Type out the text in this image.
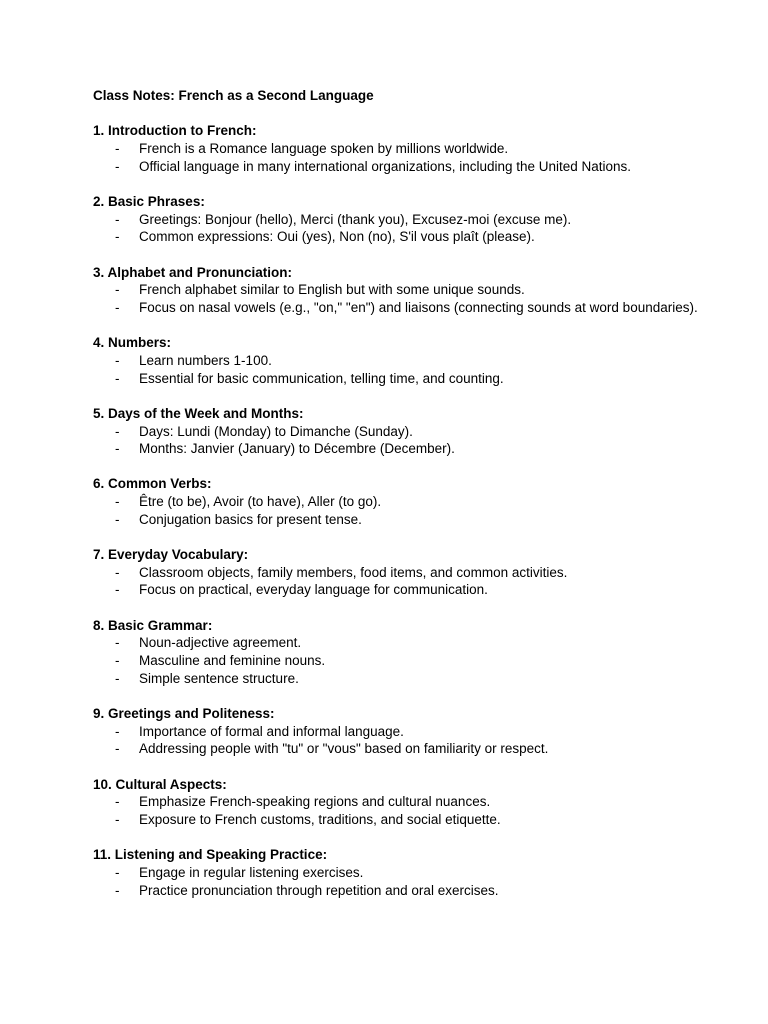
Class Notes: French as a Second Language
1. Introduction to French:
- French is a Romance language spoken by millions worldwide.
- Official language in many international organizations, including the United Nations.
2. Basic Phrases:
- Greetings: Bonjour (hello), Merci (thank you), Excusez-moi (excuse me).
- Common expressions: Oui (yes), Non (no), S'il vous plaît (please).
3. Alphabet and Pronunciation:
- French alphabet similar to English but with some unique sounds.
- Focus on nasal vowels (e.g., "on," "en") and liaisons (connecting sounds at word boundaries).
4. Numbers:
- Learn numbers 1-100.
- Essential for basic communication, telling time, and counting.
5. Days of the Week and Months:
- Days: Lundi (Monday) to Dimanche (Sunday).
- Months: Janvier (January) to Décembre (December).
6. Common Verbs:
- Être (to be), Avoir (to have), Aller (to go).
- Conjugation basics for present tense.
7. Everyday Vocabulary:
- Classroom objects, family members, food items, and common activities.
- Focus on practical, everyday language for communication.
8. Basic Grammar:
- Noun-adjective agreement.
- Masculine and feminine nouns.
- Simple sentence structure.
9. Greetings and Politeness:
- Importance of formal and informal language.
- Addressing people with "tu" or "vous" based on familiarity or respect.
10. Cultural Aspects:
- Emphasize French-speaking regions and cultural nuances.
- Exposure to French customs, traditions, and social etiquette.
11. Listening and Speaking Practice:
- Engage in regular listening exercises.
- Practice pronunciation through repetition and oral exercises.
